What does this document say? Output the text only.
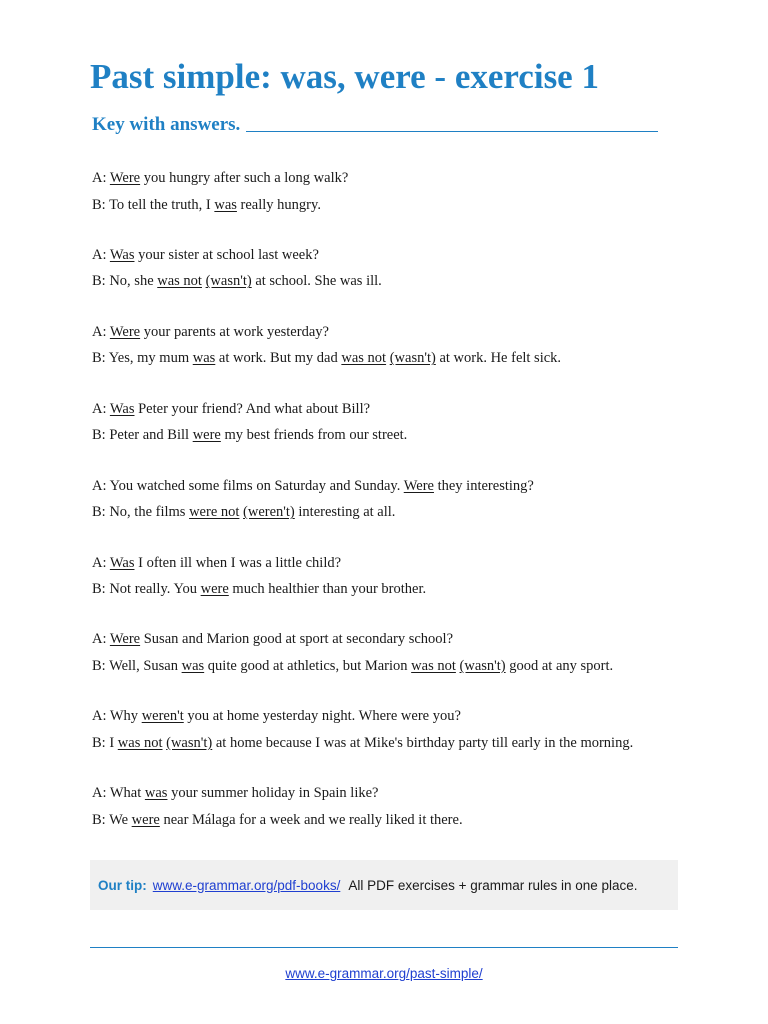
Past simple: was, were - exercise 1
Key with answers.

A: Were you hungry after such a long walk?

B: To tell the truth, I was really hungry.

A: Was your sister at school last week?

B: No, she was not (wasn't) at school. She was ill.

A: Were your parents at work yesterday?

B: Yes, my mum was at work. But my dad was not (wasn't) at work. He felt sick.

A: Was Peter your friend? And what about Bill?

B: Peter and Bill were my best friends from our street.

A: You watched some films on Saturday and Sunday. Were they interesting?

B: No, the films were not (weren't) interesting at all.

A: Was I often ill when I was a little child?

B: Not really. You were much healthier than your brother.

A: Were Susan and Marion good at sport at secondary school?

B: Well, Susan was quite good at athletics, but Marion was not (wasn't) good at any sport.

A: Why weren't you at home yesterday night. Where were you?

B: I was not (wasn't) at home because I was at Mike's birthday party till early in the morning.

A: What was your summer holiday in Spain like?

B: We were near Málaga for a week and we really liked it there.

Our tip: www.e-grammar.org/pdf-books/ All PDF exercises + grammar rules in one place.
www.e-grammar.org/past-simple/
